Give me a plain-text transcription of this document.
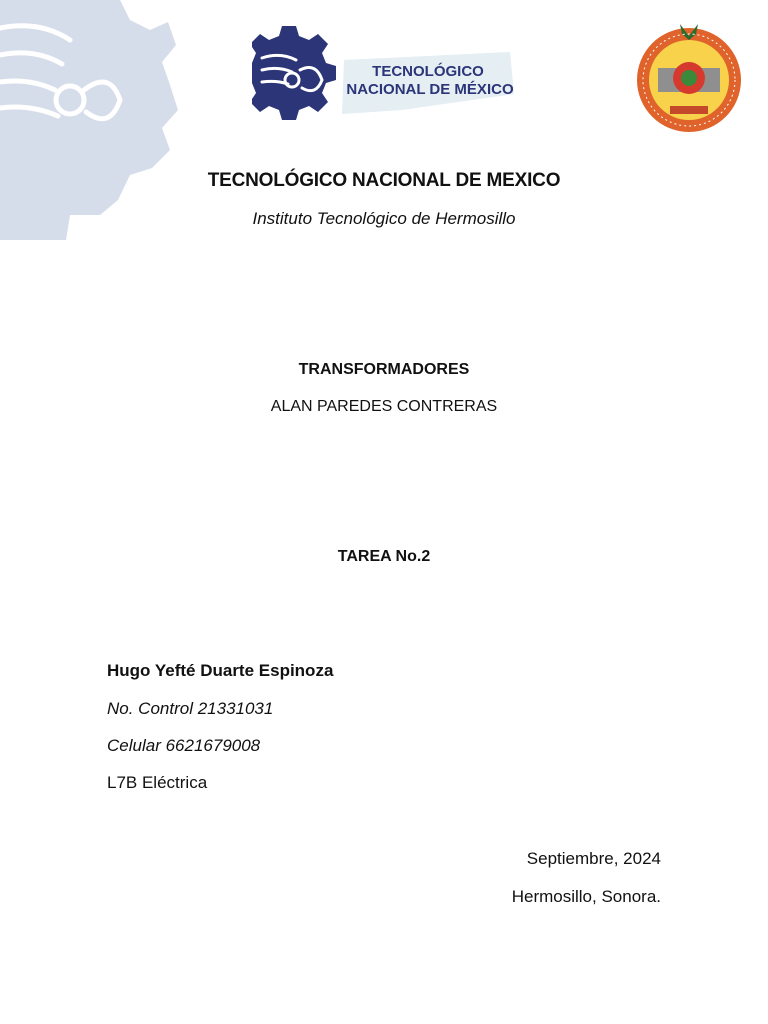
TECNOLÓGICO
NACIONAL DE MÉXICO
TECNOLÓGICO NACIONAL DE MEXICO
Instituto Tecnológico de Hermosillo
TRANSFORMADORES
ALAN PAREDES CONTRERAS
TAREA No.2
Hugo Yefté Duarte Espinoza
No. Control 21331031
Celular 6621679008
L7B Eléctrica
Septiembre, 2024
Hermosillo, Sonora.
